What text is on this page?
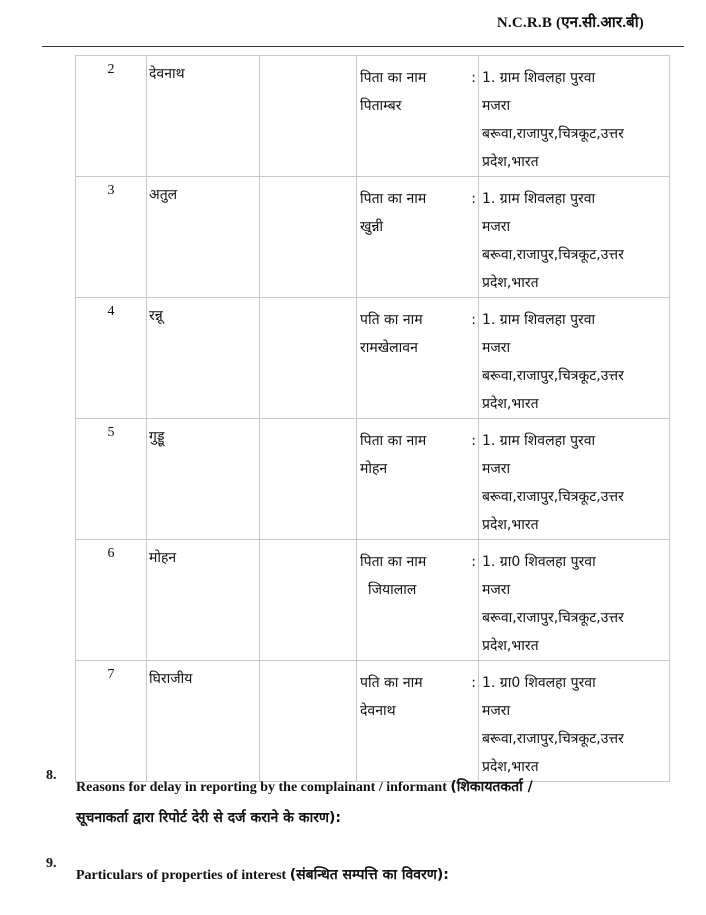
N.C.R.B (एन.सी.आर.बी)
2	देवनाथ		पिता का नाम :
पिताम्बर	1. ग्राम शिवलहा पुरवा
मजरा
बरूवा,राजापुर,चित्रकूट,उत्तर
प्रदेश,भारत

3	अतुल		पिता का नाम :
खुन्नी	1. ग्राम शिवलहा पुरवा
मजरा
बरूवा,राजापुर,चित्रकूट,उत्तर
प्रदेश,भारत

4	रन्नू		पति का नाम :
रामखेलावन	1. ग्राम शिवलहा पुरवा
मजरा
बरूवा,राजापुर,चित्रकूट,उत्तर
प्रदेश,भारत

5	गुड्डू		पिता का नाम :
मोहन	1. ग्राम शिवलहा पुरवा
मजरा
बरूवा,राजापुर,चित्रकूट,उत्तर
प्रदेश,भारत

6	मोहन		पिता का नाम :
जियालाल	1. ग्रा0 शिवलहा पुरवा
मजरा
बरूवा,राजापुर,चित्रकूट,उत्तर
प्रदेश,भारत

7	घिराजीय		पति का नाम :
देवनाथ	1. ग्रा0 शिवलहा पुरवा
मजरा
बरूवा,राजापुर,चित्रकूट,उत्तर
प्रदेश,भारत
8.
Reasons for delay in reporting by the complainant / informant (शिकायतकर्ता /
सूचनाकर्ता द्वारा रिपोर्ट देरी से दर्ज कराने के कारण):
9.
Particulars of properties of interest (संबन्धित सम्पत्ति का विवरण):
